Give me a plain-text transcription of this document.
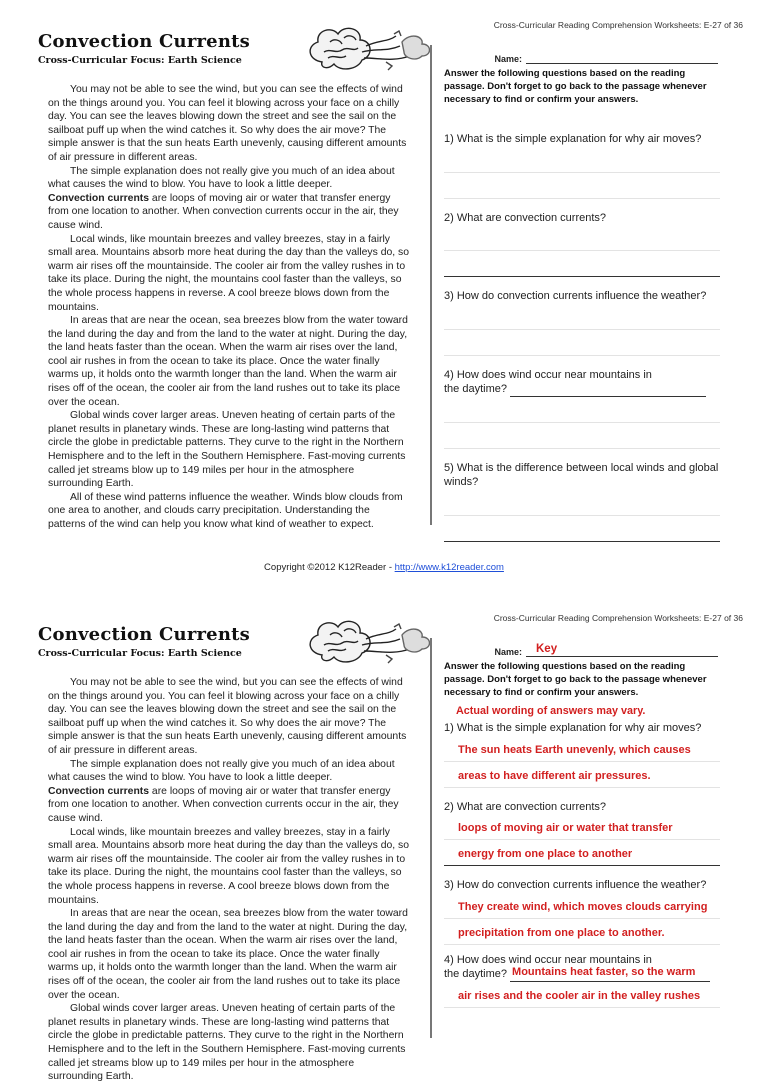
Cross-Curricular Reading Comprehension Worksheets: E-27 of 36
Convection Currents
Cross-Curricular Focus: Earth Science

You may not be able to see the wind, but you can see the effects of wind on the things around you. You can feel it blowing across your face on a chilly day. You can see the leaves blowing down the street and see the sail on the sailboat puff up when the wind catches it. So why does the air move? The simple answer is that the sun heats Earth unevenly, causing different amounts of air pressure in different areas.

The simple explanation does not really give you much of an idea about what causes the wind to blow. You have to look a little deeper.

Convection currents are loops of moving air or water that transfer energy from one location to another. When convection currents occur in the air, they cause wind.

Local winds, like mountain breezes and valley breezes, stay in a fairly small area. Mountains absorb more heat during the day than the valleys do, so warm air rises off the mountainside. The cooler air from the valley rushes in to take its place. During the night, the mountains cool faster than the valleys, so the whole process happens in reverse. A cool breeze blows down from the mountains.

In areas that are near the ocean, sea breezes blow from the water toward the land during the day and from the land to the water at night. During the day, the land heats faster than the ocean. When the warm air rises over the land, cool air rushes in from the ocean to take its place. Once the water finally warms up, it holds onto the warmth longer than the land. When the warm air rises off of the ocean, the cooler air from the land rushes out to take its place over the ocean.

Global winds cover larger areas. Uneven heating of certain parts of the planet results in planetary winds. These are long-lasting wind patterns that circle the globe in predictable patterns. They curve to the right in the Northern Hemisphere and to the left in the Southern Hemisphere. Fast-moving currents called jet streams blow up to 149 miles per hour in the atmosphere surrounding Earth.

All of these wind patterns influence the weather. Winds blow clouds from one area to another, and clouds carry precipitation. Understanding the patterns of the wind can help you know what kind of weather to expect.

Name:
Answer the following questions based on the reading passage. Don't forget to go back to the passage whenever necessary to find or confirm your answers.
1) What is the simple explanation for why air moves?
2) What are convection currents?
3) How do convection currents influence the weather?
4) How does wind occur near mountains in
the daytime?
5) What is the difference between local winds and global winds?
Copyright ©2012 K12Reader - http://www.k12reader.com
Cross-Curricular Reading Comprehension Worksheets: E-27 of 36
Convection Currents
Cross-Curricular Focus: Earth Science

You may not be able to see the wind, but you can see the effects of wind on the things around you. You can feel it blowing across your face on a chilly day. You can see the leaves blowing down the street and see the sail on the sailboat puff up when the wind catches it. So why does the air move? The simple answer is that the sun heats Earth unevenly, causing different amounts of air pressure in different areas.

The simple explanation does not really give you much of an idea about what causes the wind to blow. You have to look a little deeper.

Convection currents are loops of moving air or water that transfer energy from one location to another. When convection currents occur in the air, they cause wind.

Local winds, like mountain breezes and valley breezes, stay in a fairly small area. Mountains absorb more heat during the day than the valleys do, so warm air rises off the mountainside. The cooler air from the valley rushes in to take its place. During the night, the mountains cool faster than the valleys, so the whole process happens in reverse. A cool breeze blows down from the mountains.

In areas that are near the ocean, sea breezes blow from the water toward the land during the day and from the land to the water at night. During the day, the land heats faster than the ocean. When the warm air rises over the land, cool air rushes in from the ocean to take its place. Once the water finally warms up, it holds onto the warmth longer than the land. When the warm air rises off of the ocean, the cooler air from the land rushes out to take its place over the ocean.

Global winds cover larger areas. Uneven heating of certain parts of the planet results in planetary winds. These are long-lasting wind patterns that circle the globe in predictable patterns. They curve to the right in the Northern Hemisphere and to the left in the Southern Hemisphere. Fast-moving currents called jet streams blow up to 149 miles per hour in the atmosphere surrounding Earth.

Name: Key
Answer the following questions based on the reading passage. Don't forget to go back to the passage whenever necessary to find or confirm your answers.
Actual wording of answers may vary.
1) What is the simple explanation for why air moves?
The sun heats Earth unevenly, which causes
areas to have different air pressures.
2) What are convection currents?
loops of moving air or water that transfer
energy from one place to another
3) How do convection currents influence the weather?
They create wind, which moves clouds carrying
precipitation from one place to another.
4) How does wind occur near mountains in
the daytime? Mountains heat faster, so the warm
air rises and the cooler air in the valley rushes
